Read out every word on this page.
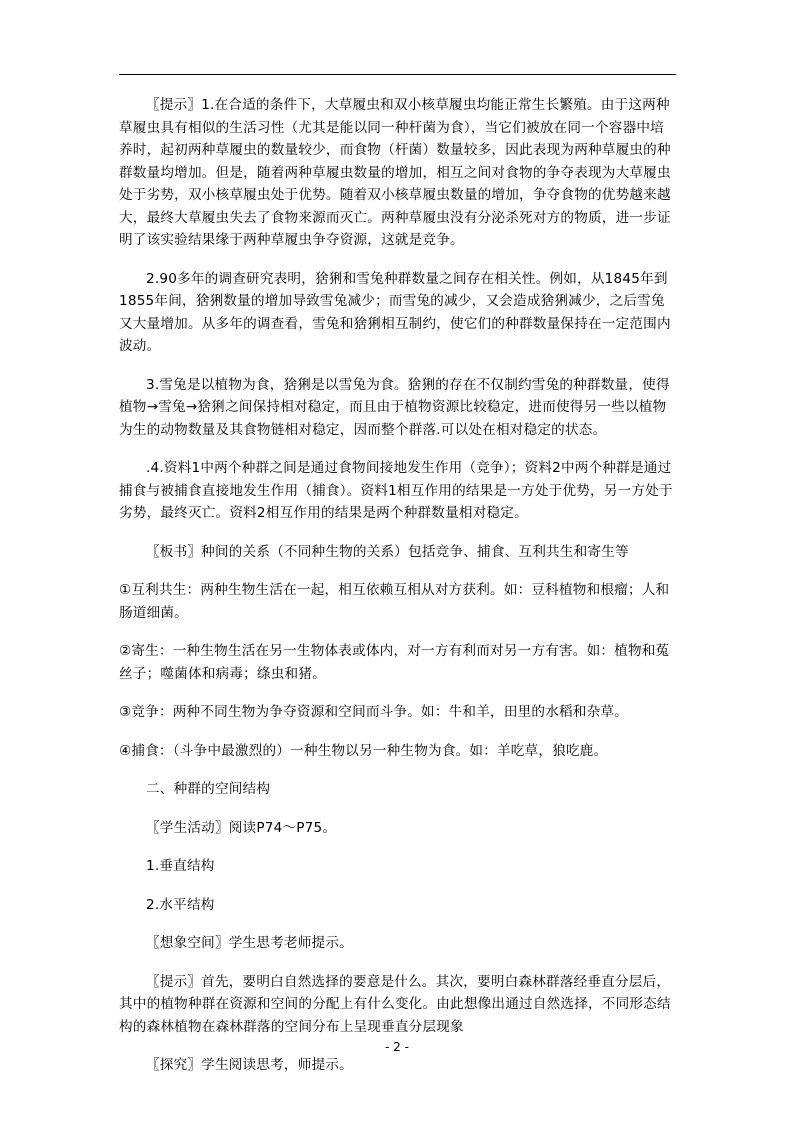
〖提示〗1.在合适的条件下，大草履虫和双小核草履虫均能正常生长繁殖。由于这两种草履虫具有相似的生活习性（尤其是能以同一种杆菌为食），当它们被放在同一个容器中培养时，起初两种草履虫的数量较少，而食物（杆菌）数量较多，因此表现为两种草履虫的种群数量均增加。但是，随着两种草履虫数量的增加，相互之间对食物的争夺表现为大草履虫处于劣势，双小核草履虫处于优势。随着双小核草履虫数量的增加，争夺食物的优势越来越大，最终大草履虫失去了食物来源而灭亡。两种草履虫没有分泌杀死对方的物质，进一步证明了该实验结果缘于两种草履虫争夺资源，这就是竞争。

2.90多年的调查研究表明，猞猁和雪兔种群数量之间存在相关性。例如，从1845年到1855年间，猞猁数量的增加导致雪兔减少；而雪兔的减少，又会造成猞猁减少，之后雪兔又大量增加。从多年的调查看，雪兔和猞猁相互制约，使它们的种群数量保持在一定范围内波动。

3.雪兔是以植物为食，猞猁是以雪兔为食。猞猁的存在不仅制约雪兔的种群数量，使得植物→雪兔→猞猁之间保持相对稳定，而且由于植物资源比较稳定，进而使得另一些以植物为生的动物数量及其食物链相对稳定，因而整个群落.可以处在相对稳定的状态。

.4.资料1中两个种群之间是通过食物间接地发生作用（竞争）；资料2中两个种群是通过捕食与被捕食直接地发生作用（捕食）。资料1相互作用的结果是一方处于优势，另一方处于劣势，最终灭亡。资料2相互作用的结果是两个种群数量相对稳定。

〖板书〗种间的关系（不同种生物的关系）包括竞争、捕食、互利共生和寄生等

①互利共生：两种生物生活在一起，相互依赖互相从对方获利。如：豆科植物和根瘤；人和肠道细菌。

②寄生：一种生物生活在另一生物体表或体内，对一方有利而对另一方有害。如：植物和菟丝子；噬菌体和病毒；绦虫和猪。

③竞争：两种不同生物为争夺资源和空间而斗争。如：牛和羊，田里的水稻和杂草。

④捕食：（斗争中最激烈的）一种生物以另一种生物为食。如：羊吃草，狼吃鹿。

二、种群的空间结构

〖学生活动〗阅读P74～P75。

1.垂直结构

2.水平结构

〖想象空间〗学生思考老师提示。

〖提示〗首先，要明白自然选择的要意是什么。其次，要明白森林群落经垂直分层后，其中的植物种群在资源和空间的分配上有什么变化。由此想像出通过自然选择，不同形态结构的森林植物在森林群落的空间分布上呈现垂直分层现象

〖探究〗学生阅读思考，师提示。

- 2 -
